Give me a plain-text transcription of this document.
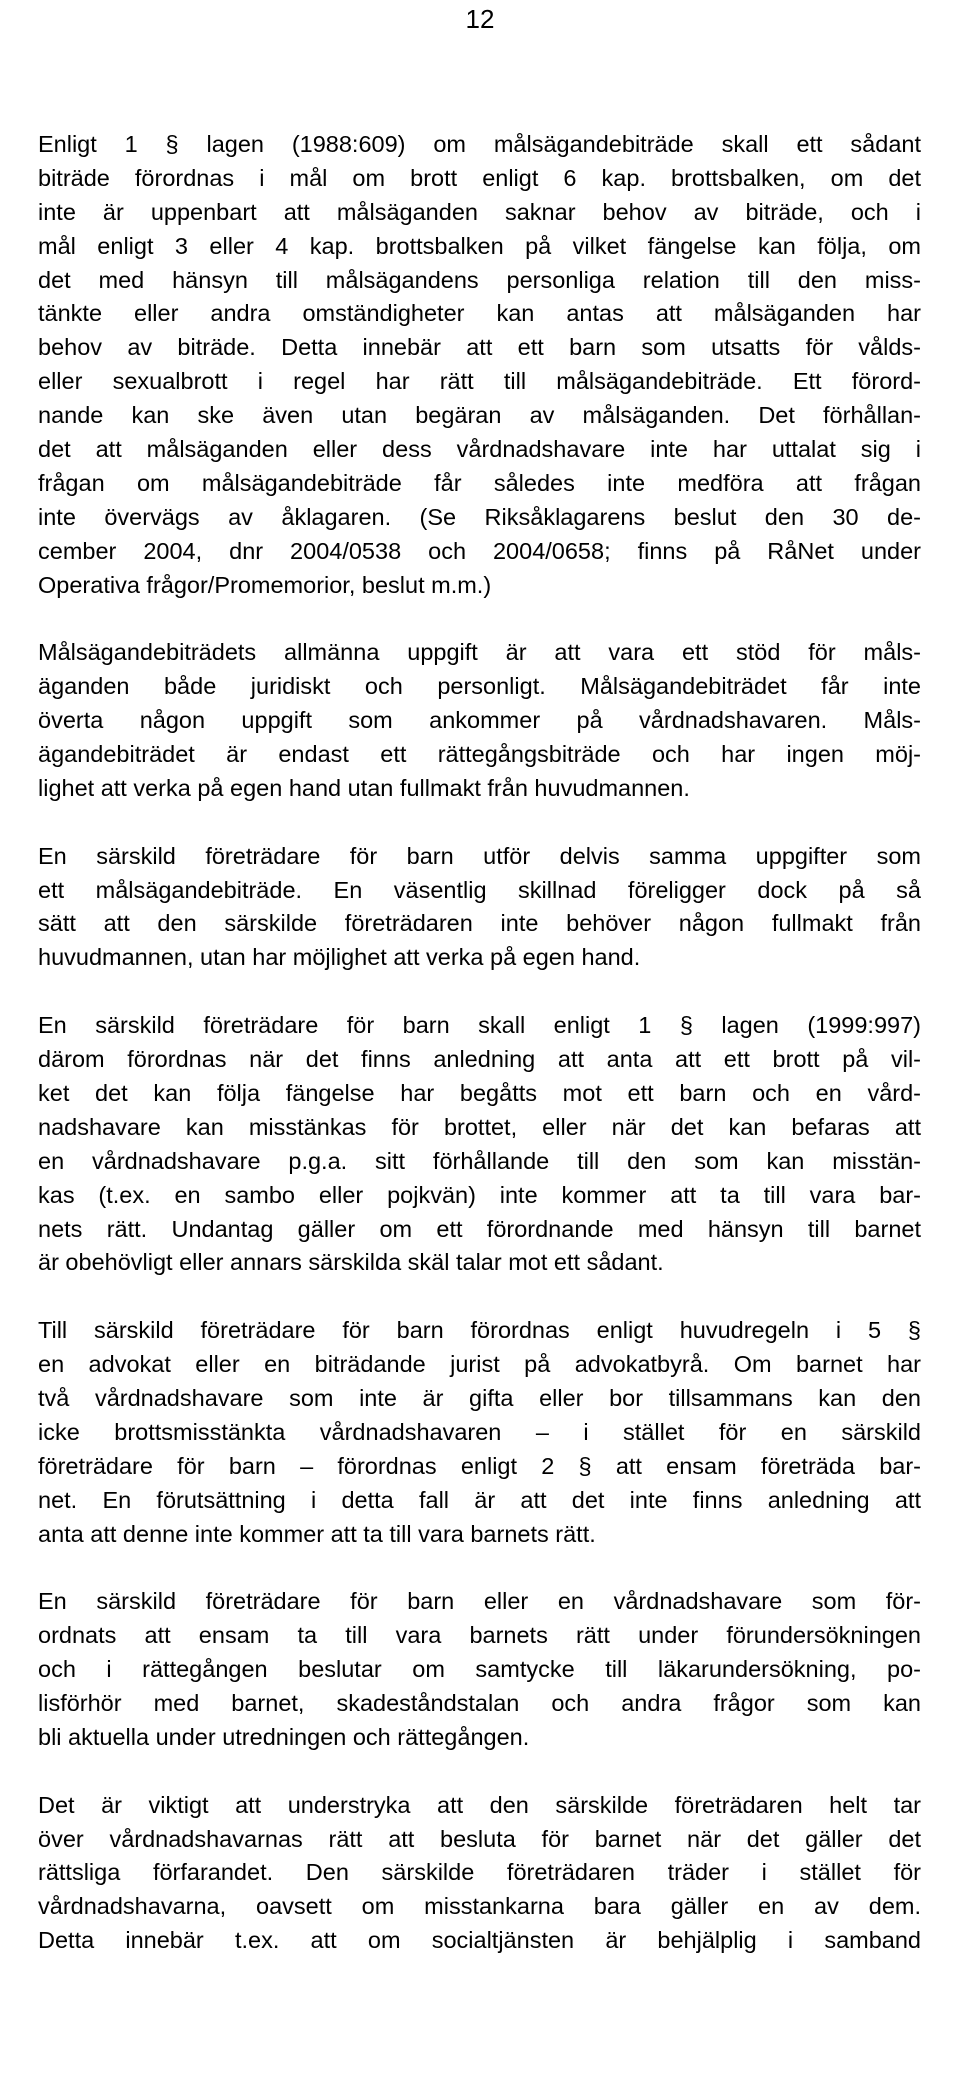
12
Enligt 1 § lagen (1988:609) om målsägandebiträde skall ett sådant
biträde förordnas i mål om brott enligt 6 kap. brottsbalken, om det
inte är uppenbart att målsäganden saknar behov av biträde, och i
mål enligt 3 eller 4 kap. brottsbalken på vilket fängelse kan följa, om
det med hänsyn till målsägandens personliga relation till den miss-
tänkte eller andra omständigheter kan antas att målsäganden har
behov av biträde. Detta innebär att ett barn som utsatts för vålds-
eller sexualbrott i regel har rätt till målsägandebiträde. Ett förord-
nande kan ske även utan begäran av målsäganden. Det förhållan-
det att målsäganden eller dess vårdnadshavare inte har uttalat sig i
frågan om målsägandebiträde får således inte medföra att frågan
inte övervägs av åklagaren. (Se Riksåklagarens beslut den 30 de-
cember 2004, dnr 2004/0538 och 2004/0658; finns på RåNet under
Operativa frågor/Promemorior, beslut m.m.)
Målsägandebiträdets allmänna uppgift är att vara ett stöd för måls-
äganden både juridiskt och personligt. Målsägandebiträdet får inte
överta någon uppgift som ankommer på vårdnadshavaren. Måls-
ägandebiträdet är endast ett rättegångsbiträde och har ingen möj-
lighet att verka på egen hand utan fullmakt från huvudmannen.
En särskild företrädare för barn utför delvis samma uppgifter som
ett målsägandebiträde. En väsentlig skillnad föreligger dock på så
sätt att den särskilde företrädaren inte behöver någon fullmakt från
huvudmannen, utan har möjlighet att verka på egen hand.
En särskild företrädare för barn skall enligt 1 § lagen (1999:997)
därom förordnas när det finns anledning att anta att ett brott på vil-
ket det kan följa fängelse har begåtts mot ett barn och en vård-
nadshavare kan misstänkas för brottet, eller när det kan befaras att
en vårdnadshavare p.g.a. sitt förhållande till den som kan misstän-
kas (t.ex. en sambo eller pojkvän) inte kommer att ta till vara bar-
nets rätt. Undantag gäller om ett förordnande med hänsyn till barnet
är obehövligt eller annars särskilda skäl talar mot ett sådant.
Till särskild företrädare för barn förordnas enligt huvudregeln i 5 §
en advokat eller en biträdande jurist på advokatbyrå. Om barnet har
två vårdnadshavare som inte är gifta eller bor tillsammans kan den
icke brottsmisstänkta vårdnadshavaren – i stället för en särskild
företrädare för barn – förordnas enligt 2 § att ensam företräda bar-
net. En förutsättning i detta fall är att det inte finns anledning att
anta att denne inte kommer att ta till vara barnets rätt.
En särskild företrädare för barn eller en vårdnadshavare som för-
ordnats att ensam ta till vara barnets rätt under förundersökningen
och i rättegången beslutar om samtycke till läkarundersökning, po-
lisförhör med barnet, skadeståndstalan och andra frågor som kan
bli aktuella under utredningen och rättegången.
Det är viktigt att understryka att den särskilde företrädaren helt tar
över vårdnadshavarnas rätt att besluta för barnet när det gäller det
rättsliga förfarandet. Den särskilde företrädaren träder i stället för
vårdnadshavarna, oavsett om misstankarna bara gäller en av dem.
Detta innebär t.ex. att om socialtjänsten är behjälplig i samband
